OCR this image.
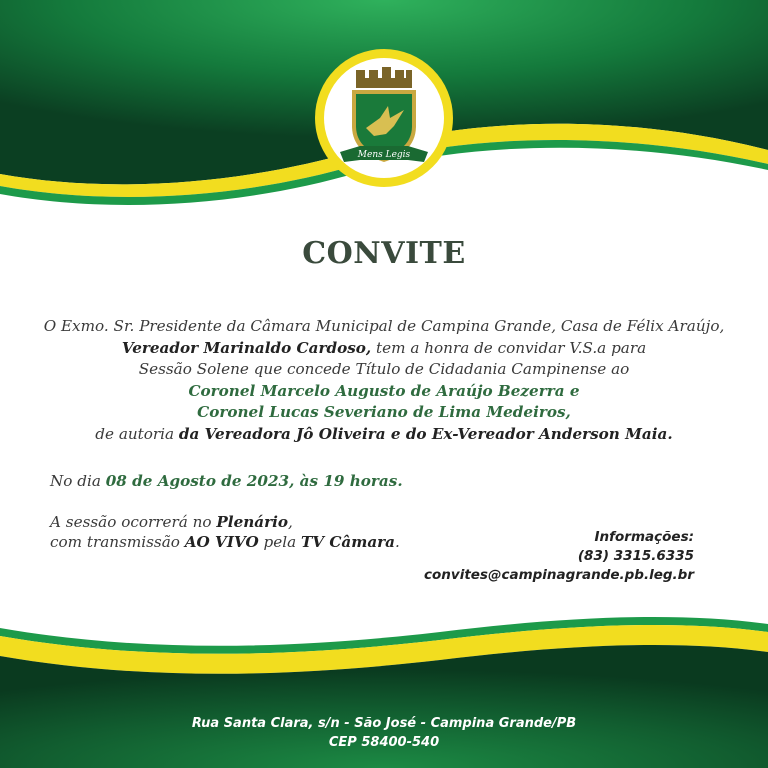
Mens Legis
CONVITE
O Exmo. Sr. Presidente da Câmara Municipal de Campina Grande, Casa de Félix Araújo,
Vereador Marinaldo Cardoso, tem a honra de convidar V.S.a para
Sessão Solene que concede Título de Cidadania Campinense ao
Coronel Marcelo Augusto de Araújo Bezerra e
Coronel Lucas Severiano de Lima Medeiros,
de autoria da Vereadora Jô Oliveira e do Ex-Vereador Anderson Maia.
No dia 08 de Agosto de 2023, às 19 horas.
A sessão ocorrerá no Plenário,
com transmissão AO VIVO pela TV Câmara.	Informações:
(83) 3315.6335
convites@campinagrande.pb.leg.br
Rua Santa Clara, s/n - São José - Campina Grande/PB
CEP 58400-540
